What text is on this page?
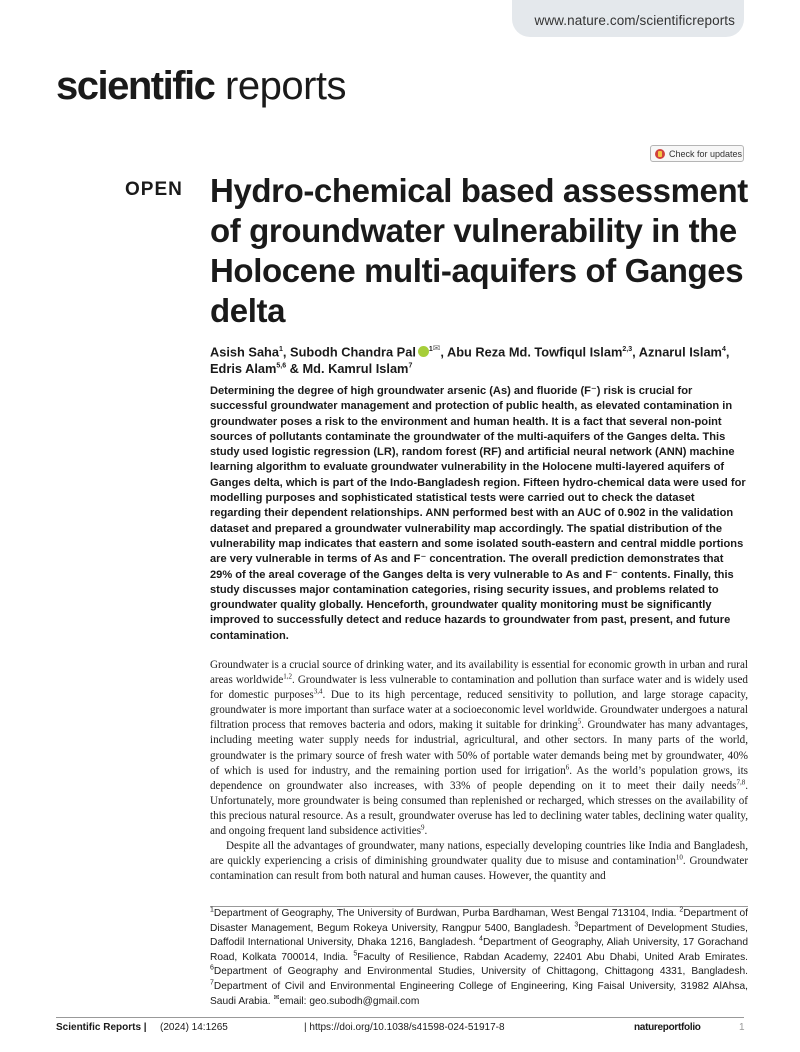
www.nature.com/scientificreports
scientific reports
Check for updates
OPEN Hydro-chemical based assessment of groundwater vulnerability in the Holocene multi-aquifers of Ganges delta
Asish Saha$^1$, Subodh Chandra Pal $^{1✉}$, Abu Reza Md. Towfiqul Islam$^{2,3}$, Aznarul Islam$^4$,
Edris Alam$^{5,6}$ & Md. Kamrul Islam$^7$

Determining the degree of high groundwater arsenic (As) and fluoride (F⁻) risk is crucial for successful groundwater management and protection of public health, as elevated contamination in groundwater poses a risk to the environment and human health. It is a fact that several non-point sources of pollutants contaminate the groundwater of the multi-aquifers of the Ganges delta. This study used logistic regression (LR), random forest (RF) and artificial neural network (ANN) machine learning algorithm to evaluate groundwater vulnerability in the Holocene multi-layered aquifers of Ganges delta, which is part of the Indo-Bangladesh region. Fifteen hydro-chemical data were used for modelling purposes and sophisticated statistical tests were carried out to check the dataset regarding their dependent relationships. ANN performed best with an AUC of 0.902 in the validation dataset and prepared a groundwater vulnerability map accordingly. The spatial distribution of the vulnerability map indicates that eastern and some isolated south-eastern and central middle portions are very vulnerable in terms of As and F⁻ concentration. The overall prediction demonstrates that 29% of the areal coverage of the Ganges delta is very vulnerable to As and F⁻ contents. Finally, this study discusses major contamination categories, rising security issues, and problems related to groundwater quality globally. Henceforth, groundwater quality monitoring must be significantly improved to successfully detect and reduce hazards to groundwater from past, present, and future contamination.

Groundwater is a crucial source of drinking water, and its availability is essential for economic growth in urban and rural areas worldwide$^{1,2}$. Groundwater is less vulnerable to contamination and pollution than surface water and is widely used for domestic purposes$^{3,4}$. Due to its high percentage, reduced sensitivity to pollution, and large storage capacity, groundwater is more important than surface water at a socioeconomic level worldwide. Groundwater undergoes a natural filtration process that removes bacteria and odors, making it suitable for drinking$^5$. Groundwater has many advantages, including meeting water supply needs for industrial, agricultural, and other sectors. In many parts of the world, groundwater is the primary source of fresh water with 50% of portable water demands being met by groundwater, 40% of which is used for industry, and the remaining portion used for irrigation$^6$. As the world’s population grows, its dependence on groundwater also increases, with 33% of people depending on it to meet their daily needs$^{7,8}$. Unfortunately, more groundwater is being consumed than replenished or recharged, which stresses on the availability of this precious natural resource. As a result, groundwater overuse has led to declining water tables, declining water quality, and ongoing frequent land subsidence activities$^9$.

Despite all the advantages of groundwater, many nations, especially developing countries like India and Bangladesh, are quickly experiencing a crisis of diminishing groundwater quality due to misuse and contamination$^{10}$. Groundwater contamination can result from both natural and human causes. However, the quantity and

$^1$Department of Geography, The University of Burdwan, Purba Bardhaman, West Bengal 713104, India. $^2$Department of Disaster Management, Begum Rokeya University, Rangpur 5400, Bangladesh. $^3$Department of Development Studies, Daffodil International University, Dhaka 1216, Bangladesh. $^4$Department of Geography, Aliah University, 17 Gorachand Road, Kolkata 700014, India. $^5$Faculty of Resilience, Rabdan Academy, 22401 Abu Dhabi, United Arab Emirates. $^6$Department of Geography and Environmental Studies, University of Chittagong, Chittagong 4331, Bangladesh. $^7$Department of Civil and Environmental Engineering College of Engineering, King Faisal University, 31982 AlAhsa, Saudi Arabia. ✉email: geo.subodh@gmail.com

Scientific Reports | (2024) 14:1265	| https://doi.org/10.1038/s41598-024-51917-8	natureportfolio	1
